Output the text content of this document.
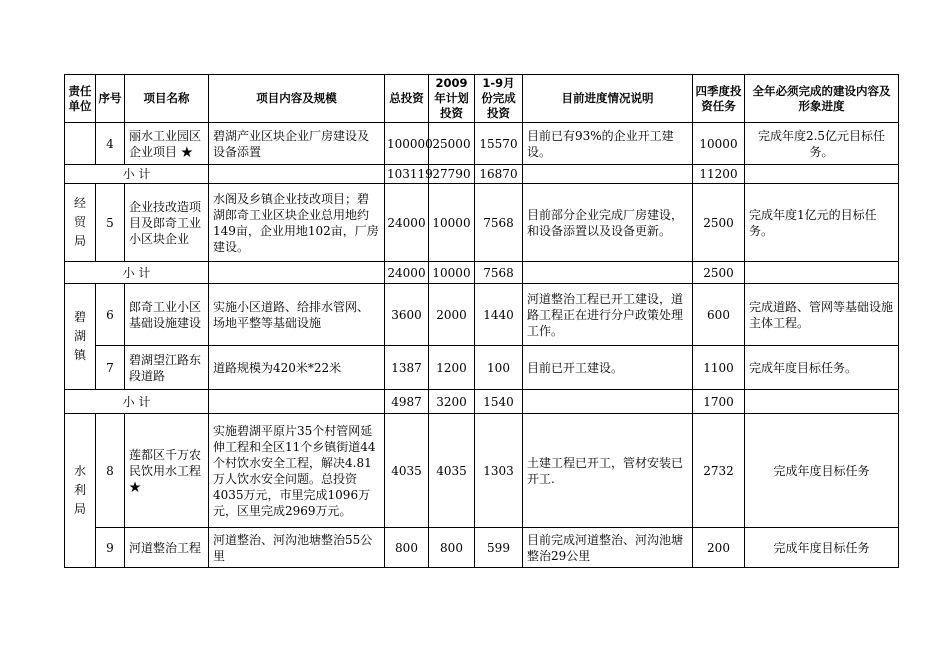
责任单位	序号	项目名称	项目内容及规模	总投资	2009年计划投资	1-9月份完成投资	目前进度情况说明	四季度投资任务	全年必须完成的建设内容及形象进度
	4	丽水工业园区企业项目 ★	碧湖产业区块企业厂房建设及设备添置	100000	25000	15570	目前已有93%的企业开工建设。	10000	完成年度2.5亿元目标任务。
小 计				103119	27790	16870		11200	

经
贸
局	5	企业技改造项目及郎奇工业小区块企业	水阁及乡镇企业技改项目；碧湖郎奇工业区块企业总用地约149亩，企业用地102亩，厂房建设。	24000	10000	7568	目前部分企业完成厂房建设，和设备添置以及设备更新。	2500	完成年度1亿元的目标任务。
小 计				24000	10000	7568		2500	

碧
湖
镇	6	郎奇工业小区基础设施建设	实施小区道路、给排水管网、场地平整等基础设施	3600	2000	1440	河道整治工程已开工建设，道路工程正在进行分户政策处理工作。	600	完成道路、管网等基础设施主体工程。
	7	碧湖望江路东段道路	道路规模为420米*22米	1387	1200	100	目前已开工建设。	1100	完成年度目标任务。
小 计				4987	3200	1540		1700	

水
利
局	8	莲都区千万农民饮用水工程 ★	实施碧湖平原片35个村管网延伸工程和全区11个乡镇街道44个村饮水安全工程，解决4.81万人饮水安全问题。总投资4035万元，市里完成1096万元，区里完成2969万元。	4035	4035	1303	土建工程已开工，管材安装已开工.	2732	完成年度目标任务
	9	河道整治工程	河道整治、河沟池塘整治55公里	800	800	599	目前完成河道整治、河沟池塘整治29公里	200	完成年度目标任务
